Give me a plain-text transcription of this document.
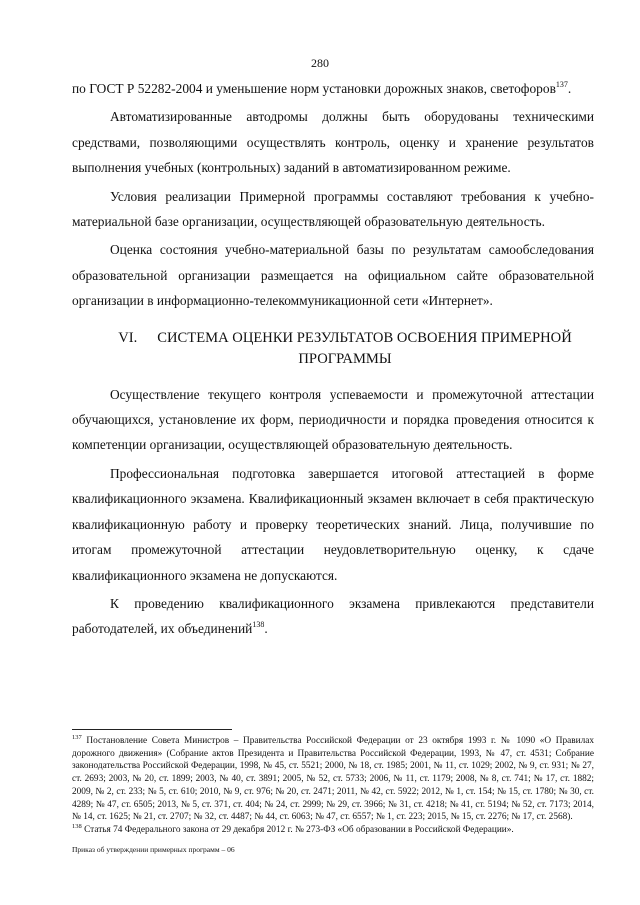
280

по ГОСТ Р 52282-2004 и уменьшение норм установки дорожных знаков, светофоров$^{137}$.

Автоматизированные автодромы должны быть оборудованы техническими средствами, позволяющими осуществлять контроль, оценку и хранение результатов выполнения учебных (контрольных) заданий в автоматизированном режиме.

Условия реализации Примерной программы составляют требования к учебно-материальной базе организации, осуществляющей образовательную деятельность.

Оценка состояния учебно-материальной базы по результатам самообследования образовательной организации размещается на официальном сайте образовательной организации в информационно-телекоммуникационной сети «Интернет».

VI. СИСТЕМА ОЦЕНКИ РЕЗУЛЬТАТОВ ОСВОЕНИЯ ПРИМЕРНОЙ ПРОГРАММЫ

Осуществление текущего контроля успеваемости и промежуточной аттестации обучающихся, установление их форм, периодичности и порядка проведения относится к компетенции организации, осуществляющей образовательную деятельность.

Профессиональная подготовка завершается итоговой аттестацией в форме квалификационного экзамена. Квалификационный экзамен включает в себя практическую квалификационную работу и проверку теоретических знаний. Лица, получившие по итогам промежуточной аттестации неудовлетворительную оценку, к сдаче квалификационного экзамена не допускаются.

К проведению квалификационного экзамена привлекаются представители работодателей, их объединений$^{138}$.

$^{137}$ Постановление Совета Министров – Правительства Российской Федерации от 23 октября 1993 г. № 1090 «О Правилах дорожного движения» (Собрание актов Президента и Правительства Российской Федерации, 1993, № 47, ст. 4531; Собрание законодательства Российской Федерации, 1998, № 45, ст. 5521; 2000, № 18, ст. 1985; 2001, № 11, ст. 1029; 2002, № 9, ст. 931; № 27, ст. 2693; 2003, № 20, ст. 1899; 2003, № 40, ст. 3891; 2005, № 52, ст. 5733; 2006, № 11, ст. 1179; 2008, № 8, ст. 741; № 17, ст. 1882; 2009, № 2, ст. 233; № 5, ст. 610; 2010, № 9, ст. 976; № 20, ст. 2471; 2011, № 42, ст. 5922; 2012, № 1, ст. 154; № 15, ст. 1780; № 30, ст. 4289; № 47, ст. 6505; 2013, № 5, ст. 371, ст. 404; № 24, ст. 2999; № 29, ст. 3966; № 31, ст. 4218; № 41, ст. 5194; № 52, ст. 7173; 2014, № 14, ст. 1625; № 21, ст. 2707; № 32, ст. 4487; № 44, ст. 6063; № 47, ст. 6557; № 1, ст. 223; 2015, № 15, ст. 2276; № 17, ст. 2568).

$^{138}$ Статья 74 Федерального закона от 29 декабря 2012 г. № 273-ФЗ «Об образовании в Российской Федерации».

Приказ об утверждении примерных программ – 06
